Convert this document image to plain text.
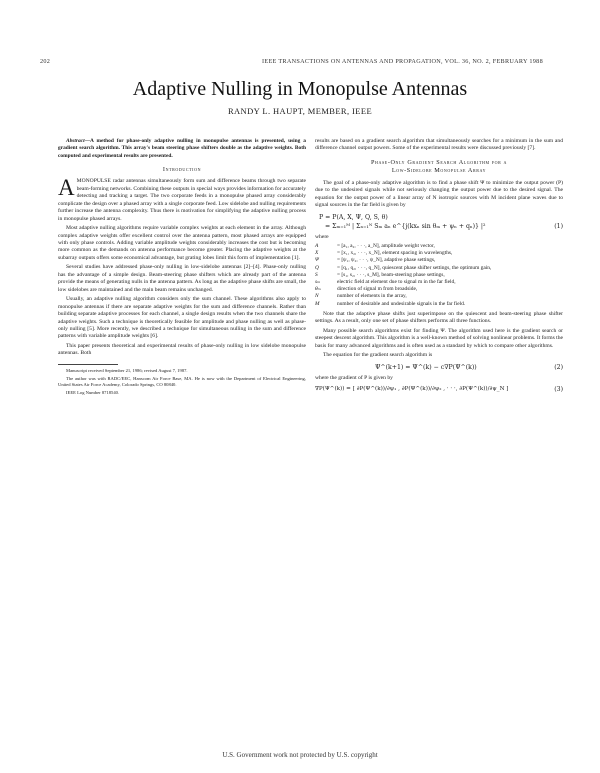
202	IEEE TRANSACTIONS ON ANTENNAS AND PROPAGATION, VOL. 36, NO. 2, FEBRUARY 1988
Adaptive Nulling in Monopulse Antennas
RANDY L. HAUPT, MEMBER, IEEE

Abstract—A method for phase-only adaptive nulling in monopulse antennas is presented, using a gradient search algorithm. This array's beam steering phase shifters double as the adaptive weights. Both computed and experimental results are presented.

Introduction
A MONOPULSE radar antennas simultaneously form sum and difference beams through two separate beam-forming networks. Combining these outputs in special ways provides information for accurately detecting and tracking a target. The two corporate feeds in a monopulse phased array considerably complicate the design over a phased array with a single corporate feed. Low sidelobe and nulling requirements further increase the antenna complexity. Thus there is motivation for simplifying the adaptive nulling process in monopulse phased arrays.

Most adaptive nulling algorithms require variable complex weights at each element in the array. Although complex adaptive weights offer excellent control over the antenna pattern, most phased arrays are equipped with only phase controls. Adding variable amplitude weights considerably increases the cost but is becoming more common as the demands on antenna performance become greater. Placing the adaptive weights at the subarray outputs offers some economical advantage, but grating lobes limit this form of implementation [1].

Several studies have addressed phase-only nulling in low-sidelobe antennas [2]–[4]. Phase-only nulling has the advantage of a simple design. Beam-steering phase shifters which are already part of the antenna provide the means of generating nulls in the antenna pattern. As long as the adaptive phase shifts are small, the low sidelobes are maintained and the main beam remains unchanged.

Usually, an adaptive nulling algorithm considers only the sum channel. These algorithms also apply to monopulse antennas if there are separate adaptive weights for the sum and difference channels. Rather than building separate adaptive processes for each channel, a single design results when the two channels share the adaptive weights. Such a technique is theoretically feasible for amplitude and phase nulling as well as phase-only nulling [5]. More recently, we described a technique for simultaneous nulling in the sum and difference patterns with variable amplitude weights [6].

This paper presents theoretical and experimental results of phase-only nulling in low sidelobe monopulse antennas. Both

Manuscript received September 21, 1986; revised August 7, 1987.

The author was with RADC/EEC, Hanscom Air Force Base, MA. He is now with the Department of Electrical Engineering, United States Air Force Academy, Colorado Springs, CO 80840.

IEEE Log Number 8718540.

results are based on a gradient search algorithm that simultaneously searches for a minimum in the sum and difference channel output powers. Some of the experimental results were discussed previously [7].

Phase-Only Gradient Search Algorithm for a
Low-Sidelobe Monopulse Array

The goal of a phase-only adaptive algorithm is to find a phase shift Ψ to minimize the output power (P) due to the undesired signals while not seriously changing the output power due to the desired signal. The equation for the output power of a linear array of N isotropic sources with M incident plane waves due to signal sources in the far field is given by

P = P(A, X, Ψ, Q, S, θ)
= Σₘ₌₁ᴹ | Σₙ₌₁ᴺ Sₘ aₙ e^{j(kxₙ sin θₘ + ψₙ + qₙ)} |²	(1)

where

A	= [a₁, a₂, · · ·, a_N], amplitude weight vector,
X	= [x₁, x₂, · · ·, x_N], element spacing in wavelengths,
Ψ	= [ψ₁, ψ₂, · · ·, ψ_N], adaptive phase settings,
Q	= [q₁, q₂, · · ·, q_N], quiescent phase shifter settings, the optimum gain,
S	= [s₁, s₂, · · ·, s_M], beam-steering phase settings,
sₘ	electric field at element due to signal m in the far field,
θₘ	direction of signal m from broadside,
N	number of elements in the array,
M	number of desirable and undesirable signals in the far field.

Note that the adaptive phase shifts just superimpose on the quiescent and beam-steering phase shifter settings. As a result, only one set of phase shifters performs all three functions.

Many possible search algorithms exist for finding Ψ. The algorithm used here is the gradient search or steepest descent algorithm. This algorithm is a well-known method of solving nonlinear problems. It forms the basis for many advanced algorithms and is often used as a standard by which to compare other algorithms.

The equation for the gradient search algorithm is

Ψ^(k+1) = Ψ^(k) − c∇P(Ψ^(k))	(2)

where the gradient of P is given by

∇P(Ψ^(k)) = [ ∂P(Ψ^(k))/∂ψ₁ , ∂P(Ψ^(k))/∂ψ₂ , · · ·, ∂P(Ψ^(k))/∂ψ_N ]	(3)
U.S. Government work not protected by U.S. copyright
